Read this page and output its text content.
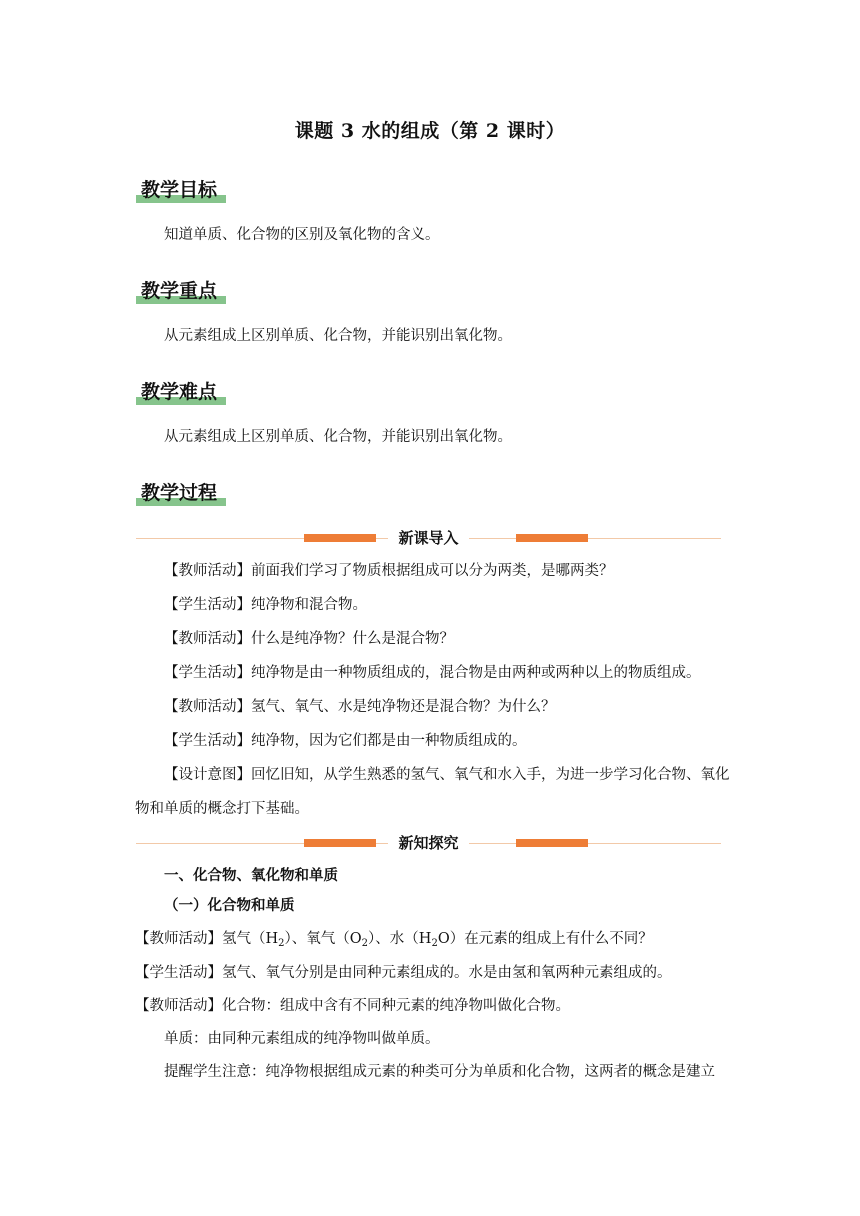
课题 3 水的组成（第 2 课时）
教学目标
知道单质、化合物的区别及氧化物的含义。
教学重点
从元素组成上区别单质、化合物，并能识别出氧化物。
教学难点
从元素组成上区别单质、化合物，并能识别出氧化物。
教学过程
新课导入
【教师活动】前面我们学习了物质根据组成可以分为两类，是哪两类？
【学生活动】纯净物和混合物。
【教师活动】什么是纯净物？什么是混合物？
【学生活动】纯净物是由一种物质组成的，混合物是由两种或两种以上的物质组成。
【教师活动】氢气、氧气、水是纯净物还是混合物？为什么？
【学生活动】纯净物，因为它们都是由一种物质组成的。
【设计意图】回忆旧知，从学生熟悉的氢气、氧气和水入手，为进一步学习化合物、氧化物和单质的概念打下基础。
新知探究
一、化合物、氧化物和单质
（一）化合物和单质
【教师活动】氢气$(H_2)$、氧气$(O_2)$、水$(H_2O)$在元素的组成上有什么不同？
【学生活动】氢气、氧气分别是由同种元素组成的。水是由氢和氧两种元素组成的。
【教师活动】化合物：组成中含有不同种元素的纯净物叫做化合物。
单质：由同种元素组成的纯净物叫做单质。
提醒学生注意：纯净物根据组成元素的种类可分为单质和化合物，这两者的概念是建立
